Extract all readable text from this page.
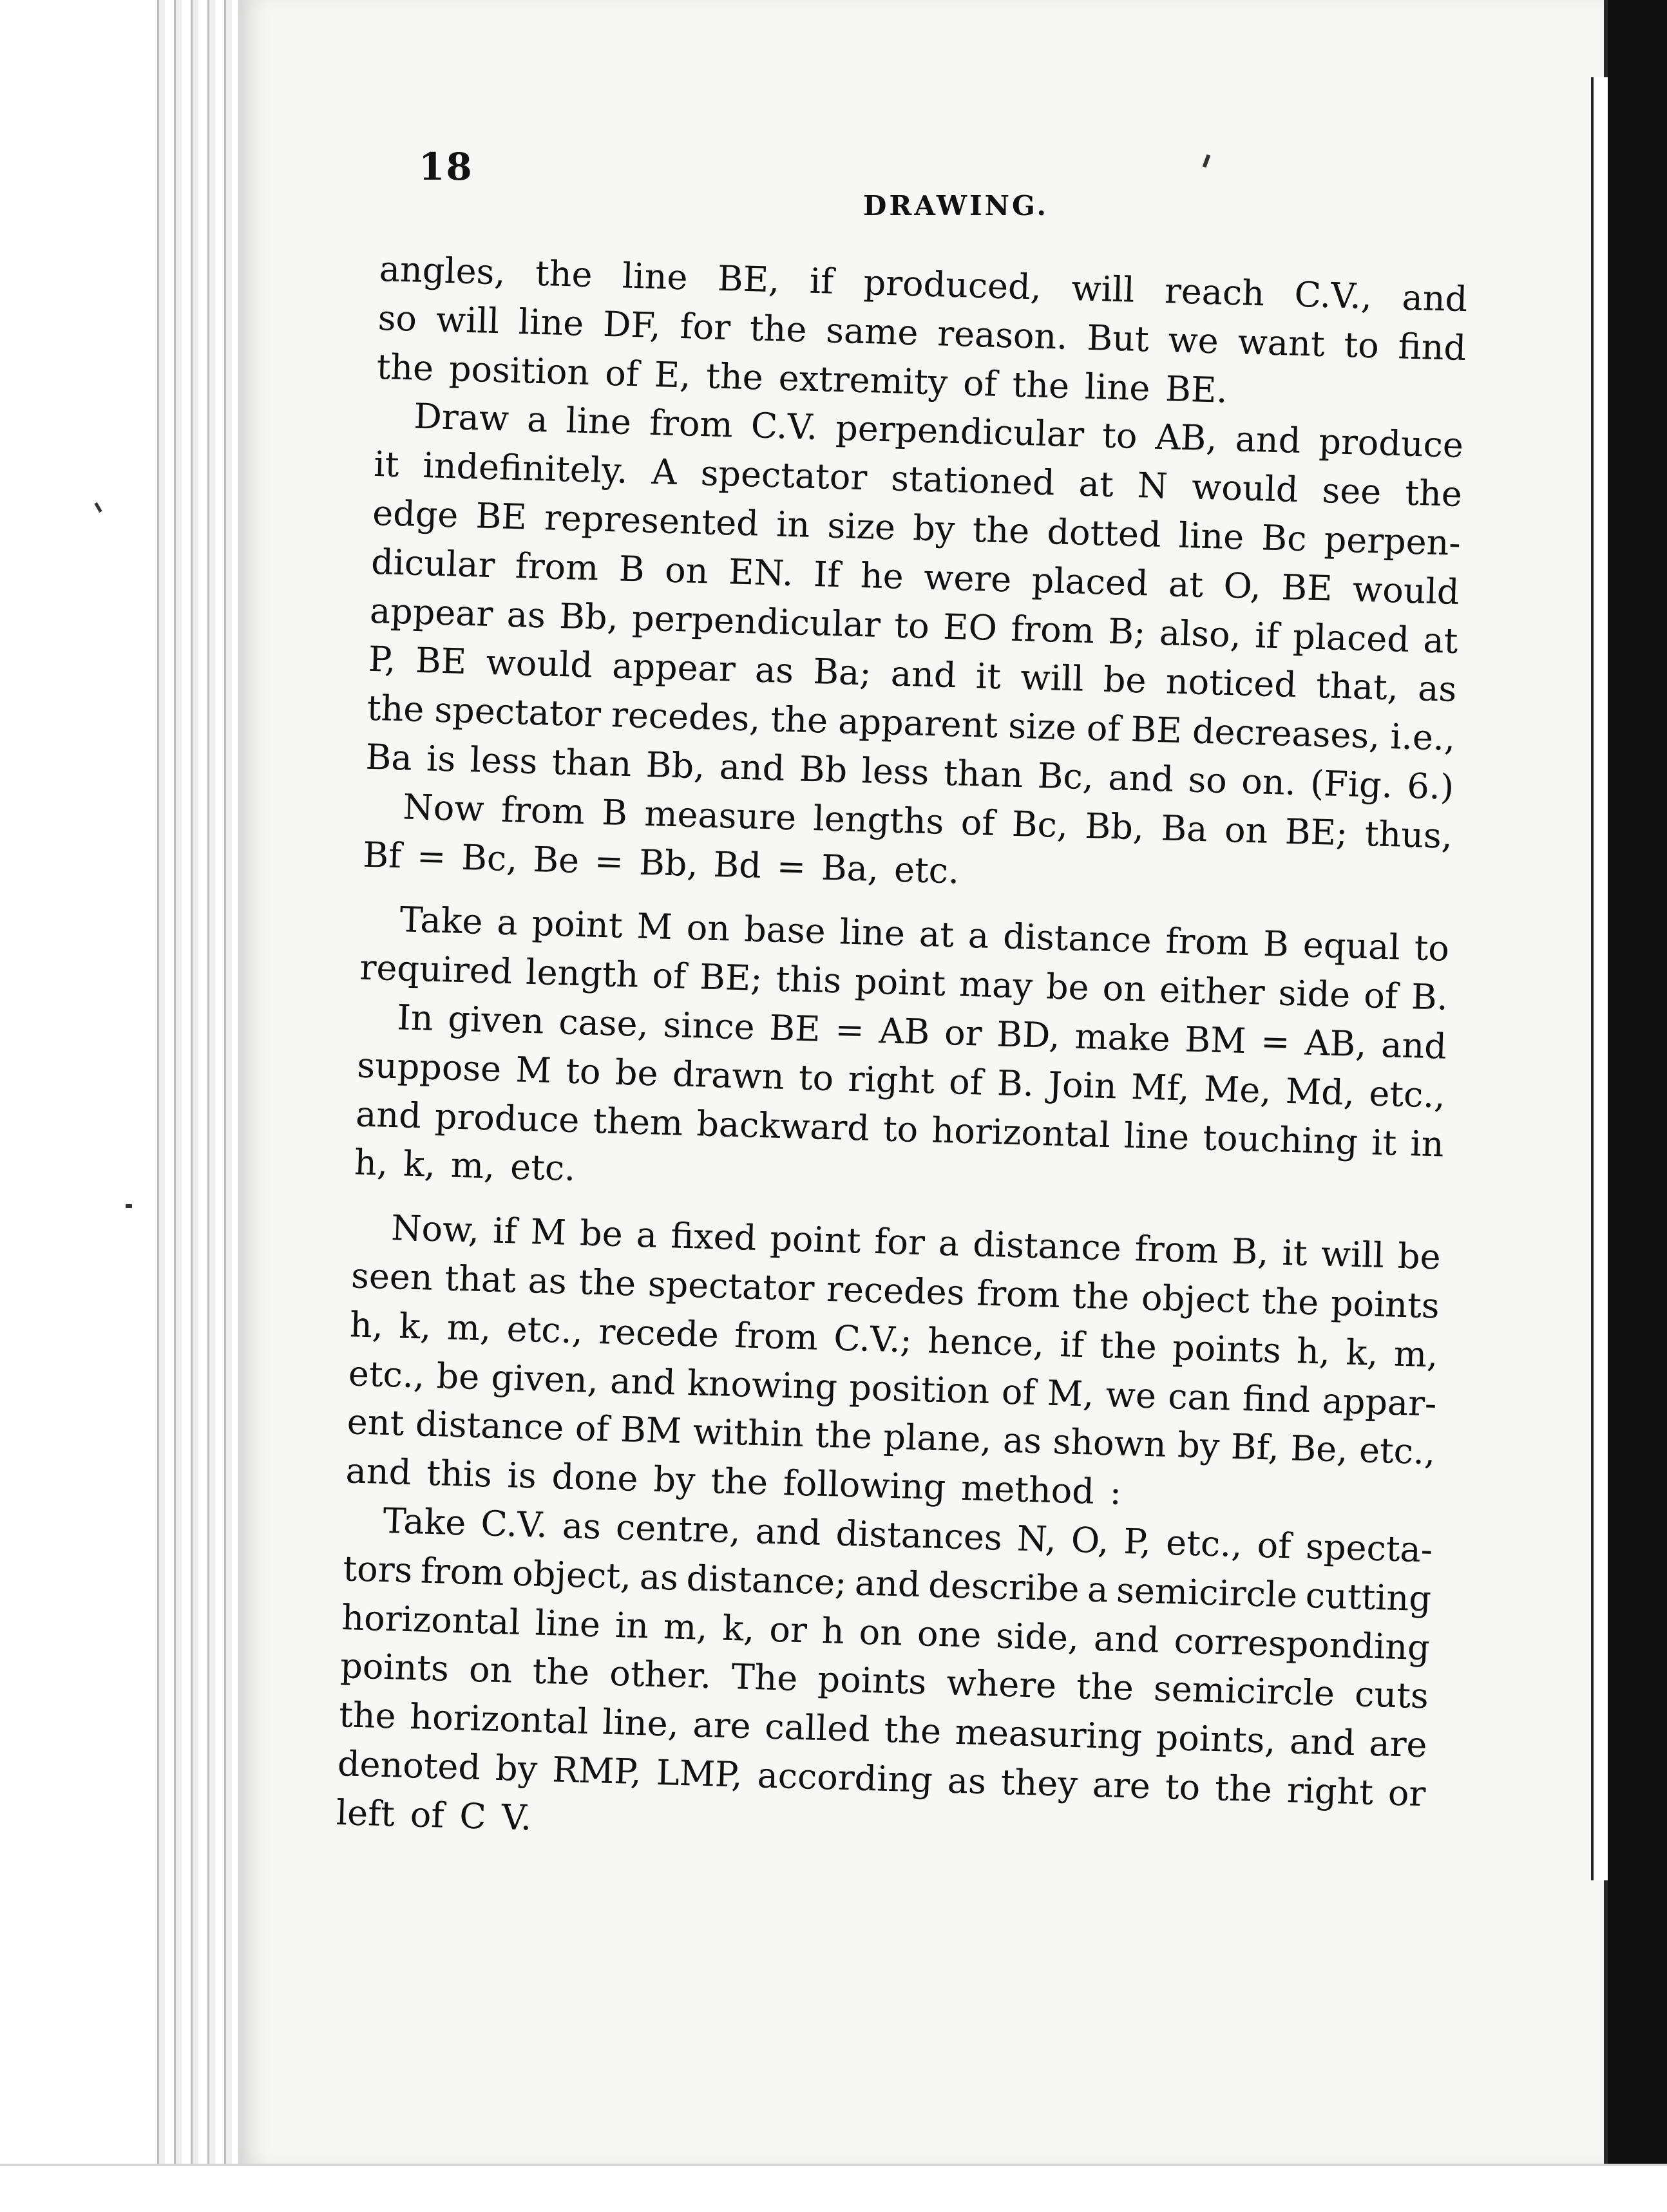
18
DRAWING.
angles, the line BE, if produced, will reach C.V., and
so will line DF, for the same reason. But we want to find
the position of E, the extremity of the line BE.
Draw a line from C.V. perpendicular to AB, and produce
it indefinitely. A spectator stationed at N would see the
edge BE represented in size by the dotted line Bc perpen-
dicular from B on EN. If he were placed at O, BE would
appear as Bb, perpendicular to EO from B; also, if placed at
P, BE would appear as Ba; and it will be noticed that, as
the spectator recedes, the apparent size of BE decreases, i.e.,
Ba is less than Bb, and Bb less than Bc, and so on. (Fig. 6.)
Now from B measure lengths of Bc, Bb, Ba on BE; thus,
Bf = Bc, Be = Bb, Bd = Ba, etc.
Take a point M on base line at a distance from B equal to
required length of BE; this point may be on either side of B.
In given case, since BE = AB or BD, make BM = AB, and
suppose M to be drawn to right of B. Join Mf, Me, Md, etc.,
and produce them backward to horizontal line touching it in
h, k, m, etc.
Now, if M be a fixed point for a distance from B, it will be
seen that as the spectator recedes from the object the points
h, k, m, etc., recede from C.V.; hence, if the points h, k, m,
etc., be given, and knowing position of M, we can find appar-
ent distance of BM within the plane, as shown by Bf, Be, etc.,
and this is done by the following method :
Take C.V. as centre, and distances N, O, P, etc., of specta-
tors from object, as distance; and describe a semicircle cutting
horizontal line in m, k, or h on one side, and corresponding
points on the other. The points where the semicircle cuts
the horizontal line, are called the measuring points, and are
denoted by RMP, LMP, according as they are to the right or
left of C V.
